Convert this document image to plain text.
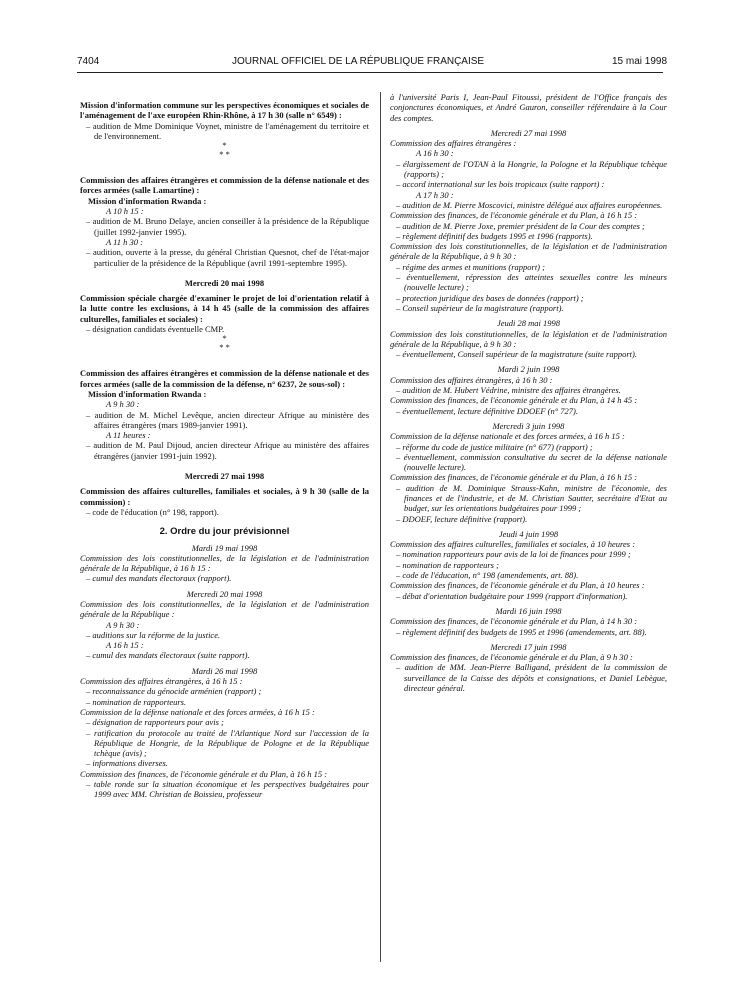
7404	JOURNAL OFFICIEL DE LA RÉPUBLIQUE FRANÇAISE	15 mai 1998

Mission d'information commune sur les perspectives économiques et sociales de l'aménagement de l'axe européen Rhin-Rhône, à 17 h 30 (salle n° 6549) :

– audition de Mme Dominique Voynet, ministre de l'aménagement du territoire et de l'environnement.

*

* *

Commission des affaires étrangères et commission de la défense nationale et des forces armées (salle Lamartine) :

Mission d'information Rwanda :

A 10 h 15 :

– audition de M. Bruno Delaye, ancien conseiller à la présidence de la République (juillet 1992-janvier 1995).

A 11 h 30 :

– audition, ouverte à la presse, du général Christian Quesnot, chef de l'état-major particulier de la présidence de la République (avril 1991-septembre 1995).

Mercredi 20 mai 1998

Commission spéciale chargée d'examiner le projet de loi d'orientation relatif à la lutte contre les exclusions, à 14 h 45 (salle de la commission des affaires culturelles, familiales et sociales) :

– désignation candidats éventuelle CMP.

*

* *

Commission des affaires étrangères et commission de la défense nationale et des forces armées (salle de la commission de la défense, n° 6237, 2e sous-sol) :

Mission d'information Rwanda :

A 9 h 30 :

– audition de M. Michel Levêque, ancien directeur Afrique au ministère des affaires étrangères (mars 1989-janvier 1991).

A 11 heures :

– audition de M. Paul Dijoud, ancien directeur Afrique au ministère des affaires étrangères (janvier 1991-juin 1992).

Mercredi 27 mai 1998

Commission des affaires culturelles, familiales et sociales, à 9 h 30 (salle de la commission) :

– code de l'éducation (n° 198, rapport).

2. Ordre du jour prévisionnel

Mardi 19 mai 1998

Commission des lois constitutionnelles, de la législation et de l'administration générale de la République, à 16 h 15 :

– cumul des mandats électoraux (rapport).

Mercredi 20 mai 1998

Commission des lois constitutionnelles, de la législation et de l'administration générale de la République :

A 9 h 30 :

– auditions sur la réforme de la justice.

A 16 h 15 :

– cumul des mandats électoraux (suite rapport).

Mardi 26 mai 1998

Commission des affaires étrangères, à 16 h 15 :

– reconnaissance du génocide arménien (rapport) ;

– nomination de rapporteurs.

Commission de la défense nationale et des forces armées, à 16 h 15 :

– désignation de rapporteurs pour avis ;

– ratification du protocole au traité de l'Atlantique Nord sur l'accession de la République de Hongrie, de la République de Pologne et de la République tchèque (avis) ;

– informations diverses.

Commission des finances, de l'économie générale et du Plan, à 16 h 15 :

– table ronde sur la situation économique et les perspectives budgétaires pour 1999 avec MM. Christian de Boissieu, professeur

à l'université Paris I, Jean-Paul Fitoussi, président de l'Office français des conjonctures économiques, et André Gauron, conseiller référendaire à la Cour des comptes.

Mercredi 27 mai 1998

Commission des affaires étrangères :

A 16 h 30 :

– élargissement de l'OTAN à la Hongrie, la Pologne et la République tchèque (rapports) ;

– accord international sur les bois tropicaux (suite rapport) :

A 17 h 30 :

– audition de M. Pierre Moscovici, ministre délégué aux affaires européennes.

Commission des finances, de l'économie générale et du Plan, à 16 h 15 :

– audition de M. Pierre Joxe, premier président de la Cour des comptes ;

– règlement définitif des budgets 1995 et 1996 (rapports).

Commission des lois constitutionnelles, de la législation et de l'administration générale de la République, à 9 h 30 :

– régime des armes et munitions (rapport) ;

– éventuellement, répression des atteintes sexuelles contre les mineurs (nouvelle lecture) ;

– protection juridique des bases de données (rapport) ;

– Conseil supérieur de la magistrature (rapport).

Jeudi 28 mai 1998

Commission des lois constitutionnelles, de la législation et de l'administration générale de la République, à 9 h 30 :

– éventuellement, Conseil supérieur de la magistrature (suite rapport).

Mardi 2 juin 1998

Commission des affaires étrangères, à 16 h 30 :

– audition de M. Hubert Védrine, ministre des affaires étrangères.

Commission des finances, de l'économie générale et du Plan, à 14 h 45 :

– éventuellement, lecture définitive DDOEF (n° 727).

Mercredi 3 juin 1998

Commission de la défense nationale et des forces armées, à 16 h 15 :

– réforme du code de justice militaire (n° 677) (rapport) ;

– éventuellement, commission consultative du secret de la défense nationale (nouvelle lecture).

Commission des finances, de l'économie générale et du Plan, à 16 h 15 :

– audition de M. Dominique Strauss-Kahn, ministre de l'économie, des finances et de l'industrie, et de M. Christian Sautter, secrétaire d'Etat au budget, sur les orientations budgétaires pour 1999 ;

– DDOEF, lecture définitive (rapport).

Jeudi 4 juin 1998

Commission des affaires culturelles, familiales et sociales, à 10 heures :

– nomination rapporteurs pour avis de la loi de finances pour 1999 ;

– nomination de rapporteurs ;

– code de l'éducation, n° 198 (amendements, art. 88).

Commission des finances, de l'économie générale et du Plan, à 10 heures :

– débat d'orientation budgétaire pour 1999 (rapport d'information).

Mardi 16 juin 1998

Commission des finances, de l'économie générale et du Plan, à 14 h 30 :

– règlement définitif des budgets de 1995 et 1996 (amendements, art. 88).

Mercredi 17 juin 1998

Commission des finances, de l'économie générale et du Plan, à 9 h 30 :

– audition de MM. Jean-Pierre Balligand, président de la commission de surveillance de la Caisse des dépôts et consignations, et Daniel Lebègue, directeur général.
